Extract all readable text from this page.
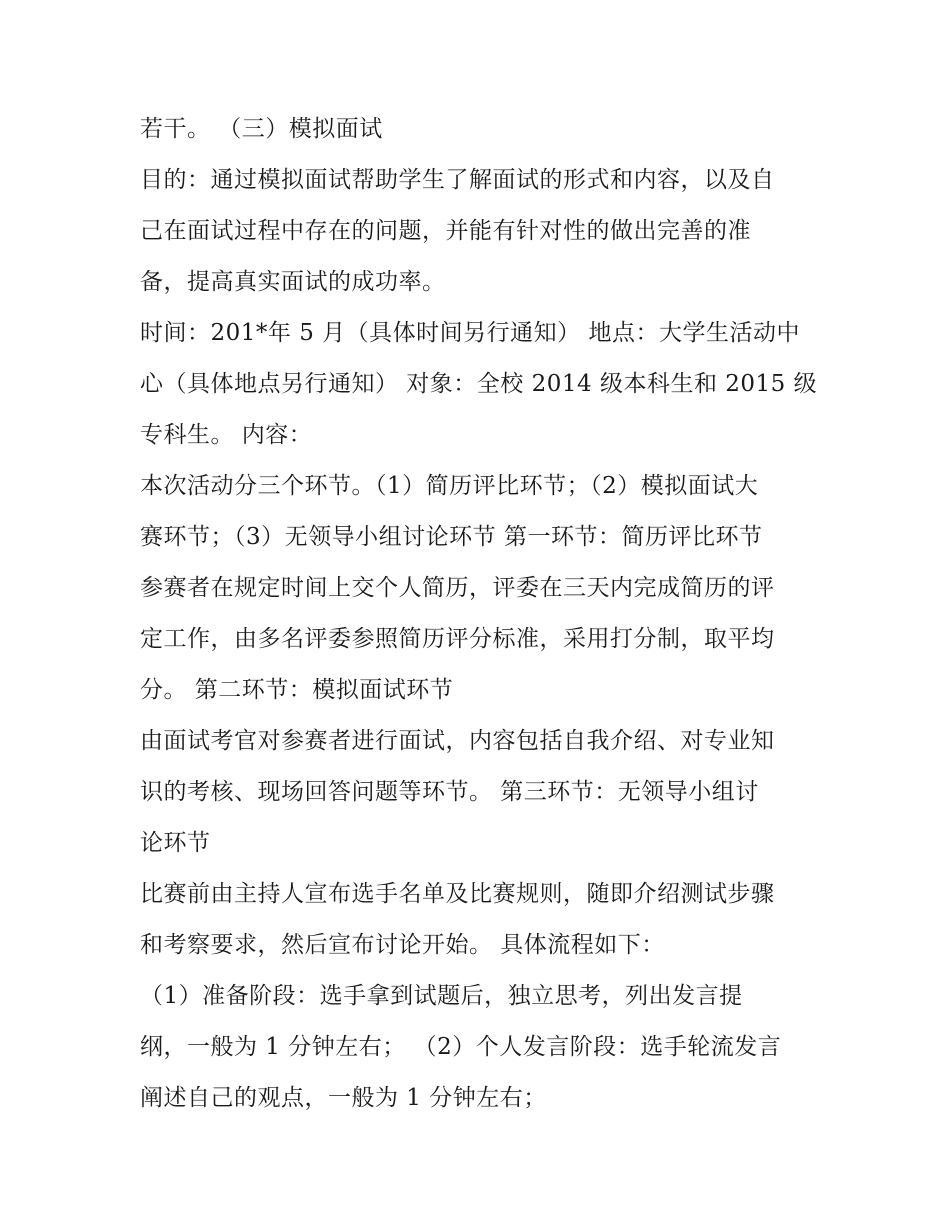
若干。 （三）模拟面试
目的：通过模拟面试帮助学生了解面试的形式和内容，以及自
己在面试过程中存在的问题，并能有针对性的做出完善的准
备，提高真实面试的成功率。
时间：201*年 5 月（具体时间另行通知） 地点：大学生活动中
心（具体地点另行通知） 对象：全校 2014 级本科生和 2015 级
专科生。 内容：
本次活动分三个环节。（1）简历评比环节；（2）模拟面试大
赛环节；（3）无领导小组讨论环节 第一环节：简历评比环节
参赛者在规定时间上交个人简历，评委在三天内完成简历的评
定工作，由多名评委参照简历评分标准，采用打分制，取平均
分。 第二环节：模拟面试环节
由面试考官对参赛者进行面试，内容包括自我介绍、对专业知
识的考核、现场回答问题等环节。 第三环节：无领导小组讨
论环节
比赛前由主持人宣布选手名单及比赛规则，随即介绍测试步骤
和考察要求，然后宣布讨论开始。 具体流程如下：
（1）准备阶段：选手拿到试题后，独立思考，列出发言提
纲，一般为 1 分钟左右； （2）个人发言阶段：选手轮流发言
阐述自己的观点，一般为 1 分钟左右；
